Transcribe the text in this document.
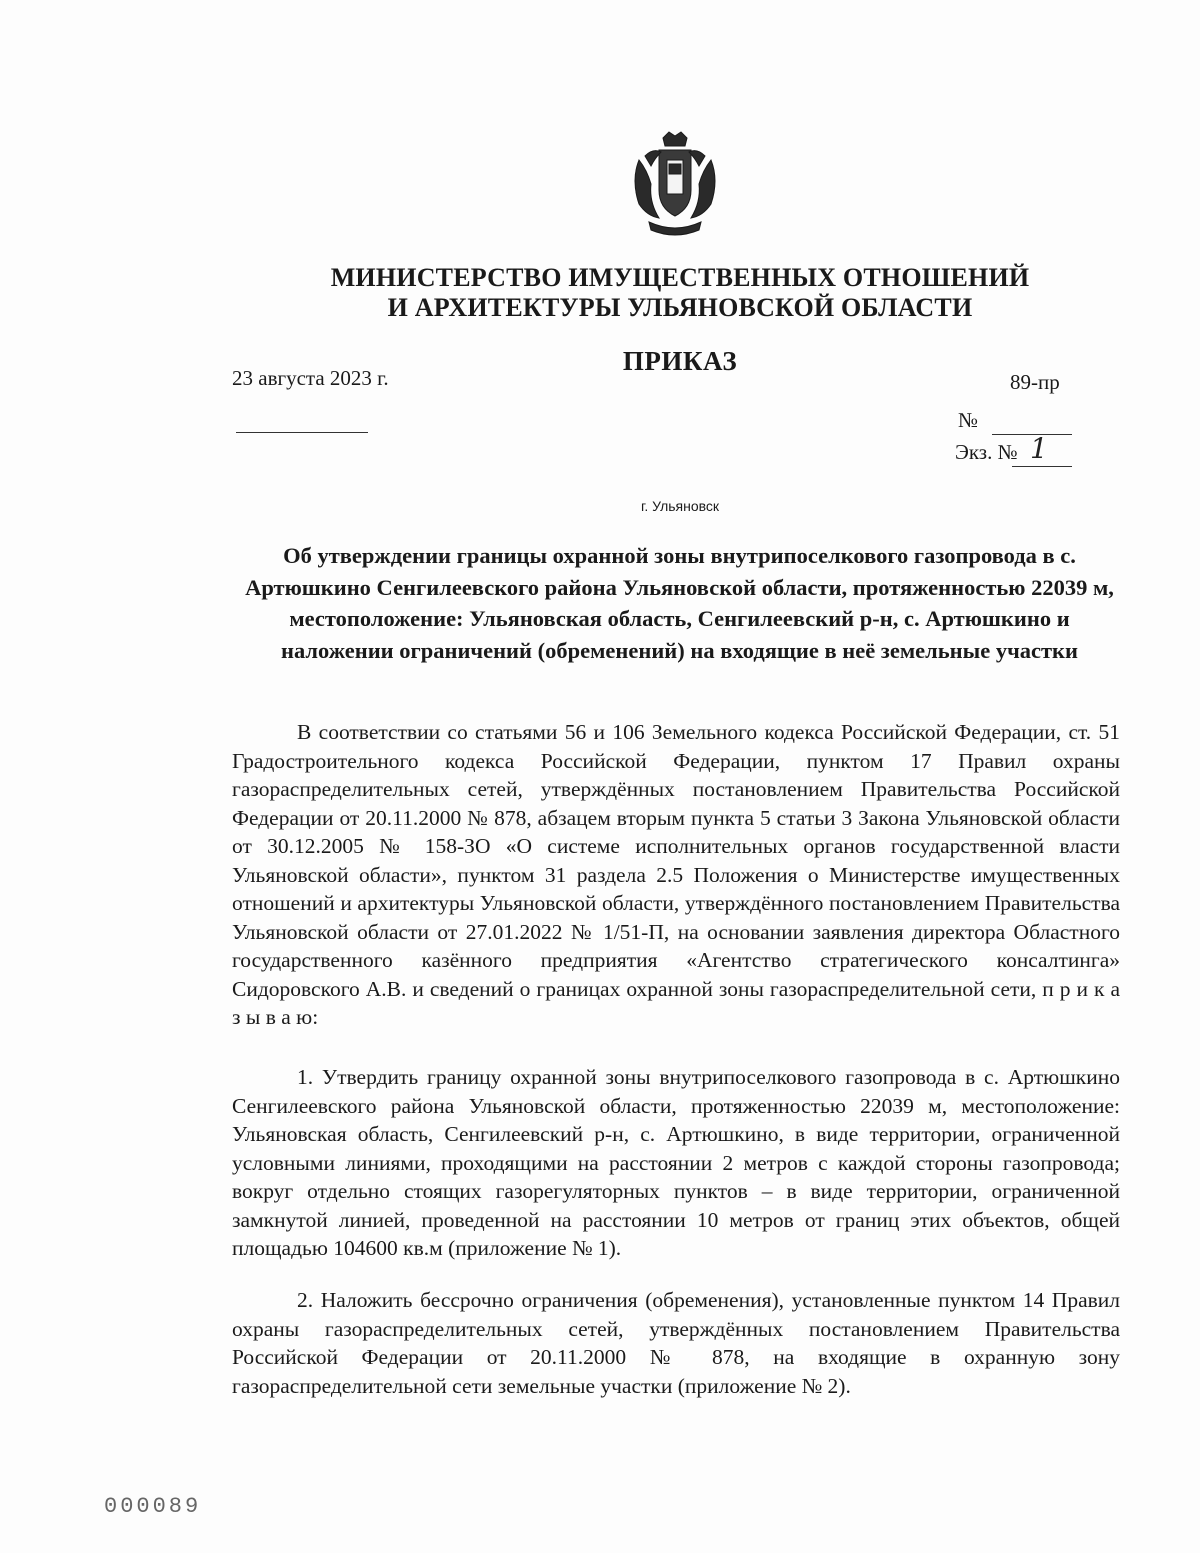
МИНИСТЕРСТВО ИМУЩЕСТВЕННЫХ ОТНОШЕНИЙ
И АРХИТЕКТУРЫ УЛЬЯНОВСКОЙ ОБЛАСТИ
ПРИКАЗ
23 августа 2023 г.	89-пр
№
Экз. № 1
г. Ульяновск
Об утверждении границы охранной зоны внутрипоселкового газопровода в с. Артюшкино Сенгилеевского района Ульяновской области, протяженностью 22039 м, местоположение: Ульяновская область, Сенгилеевский р-н, с. Артюшкино и наложении ограничений (обременений) на входящие в неё земельные участки
В соответствии со статьями 56 и 106 Земельного кодекса Российской Федерации, ст. 51 Градостроительного кодекса Российской Федерации, пунктом 17 Правил охраны газораспределительных сетей, утверждённых постановлением Правительства Российской Федерации от 20.11.2000 № 878, абзацем вторым пункта 5 статьи 3 Закона Ульяновской области от 30.12.2005 № 158-ЗО «О системе исполнительных органов государственной власти Ульяновской области», пунктом 31 раздела 2.5 Положения о Министерстве имущественных отношений и архитектуры Ульяновской области, утверждённого постановлением Правительства Ульяновской области от 27.01.2022 № 1/51-П, на основании заявления директора Областного государственного казённого предприятия «Агентство стратегического консалтинга» Сидоровского А.В. и сведений о границах охранной зоны газораспределительной сети, п р и к а з ы в а ю:
1. Утвердить границу охранной зоны внутрипоселкового газопровода в с. Артюшкино Сенгилеевского района Ульяновской области, протяженностью 22039 м, местоположение: Ульяновская область, Сенгилеевский р-н, с. Артюшкино, в виде территории, ограниченной условными линиями, проходящими на расстоянии 2 метров с каждой стороны газопровода; вокруг отдельно стоящих газорегуляторных пунктов – в виде территории, ограниченной замкнутой линией, проведенной на расстоянии 10 метров от границ этих объектов, общей площадью 104600 кв.м (приложение № 1).
2. Наложить бессрочно ограничения (обременения), установленные пунктом 14 Правил охраны газораспределительных сетей, утверждённых постановлением Правительства Российской Федерации от 20.11.2000 № 878, на входящие в охранную зону газораспределительной сети земельные участки (приложение № 2).
000089
